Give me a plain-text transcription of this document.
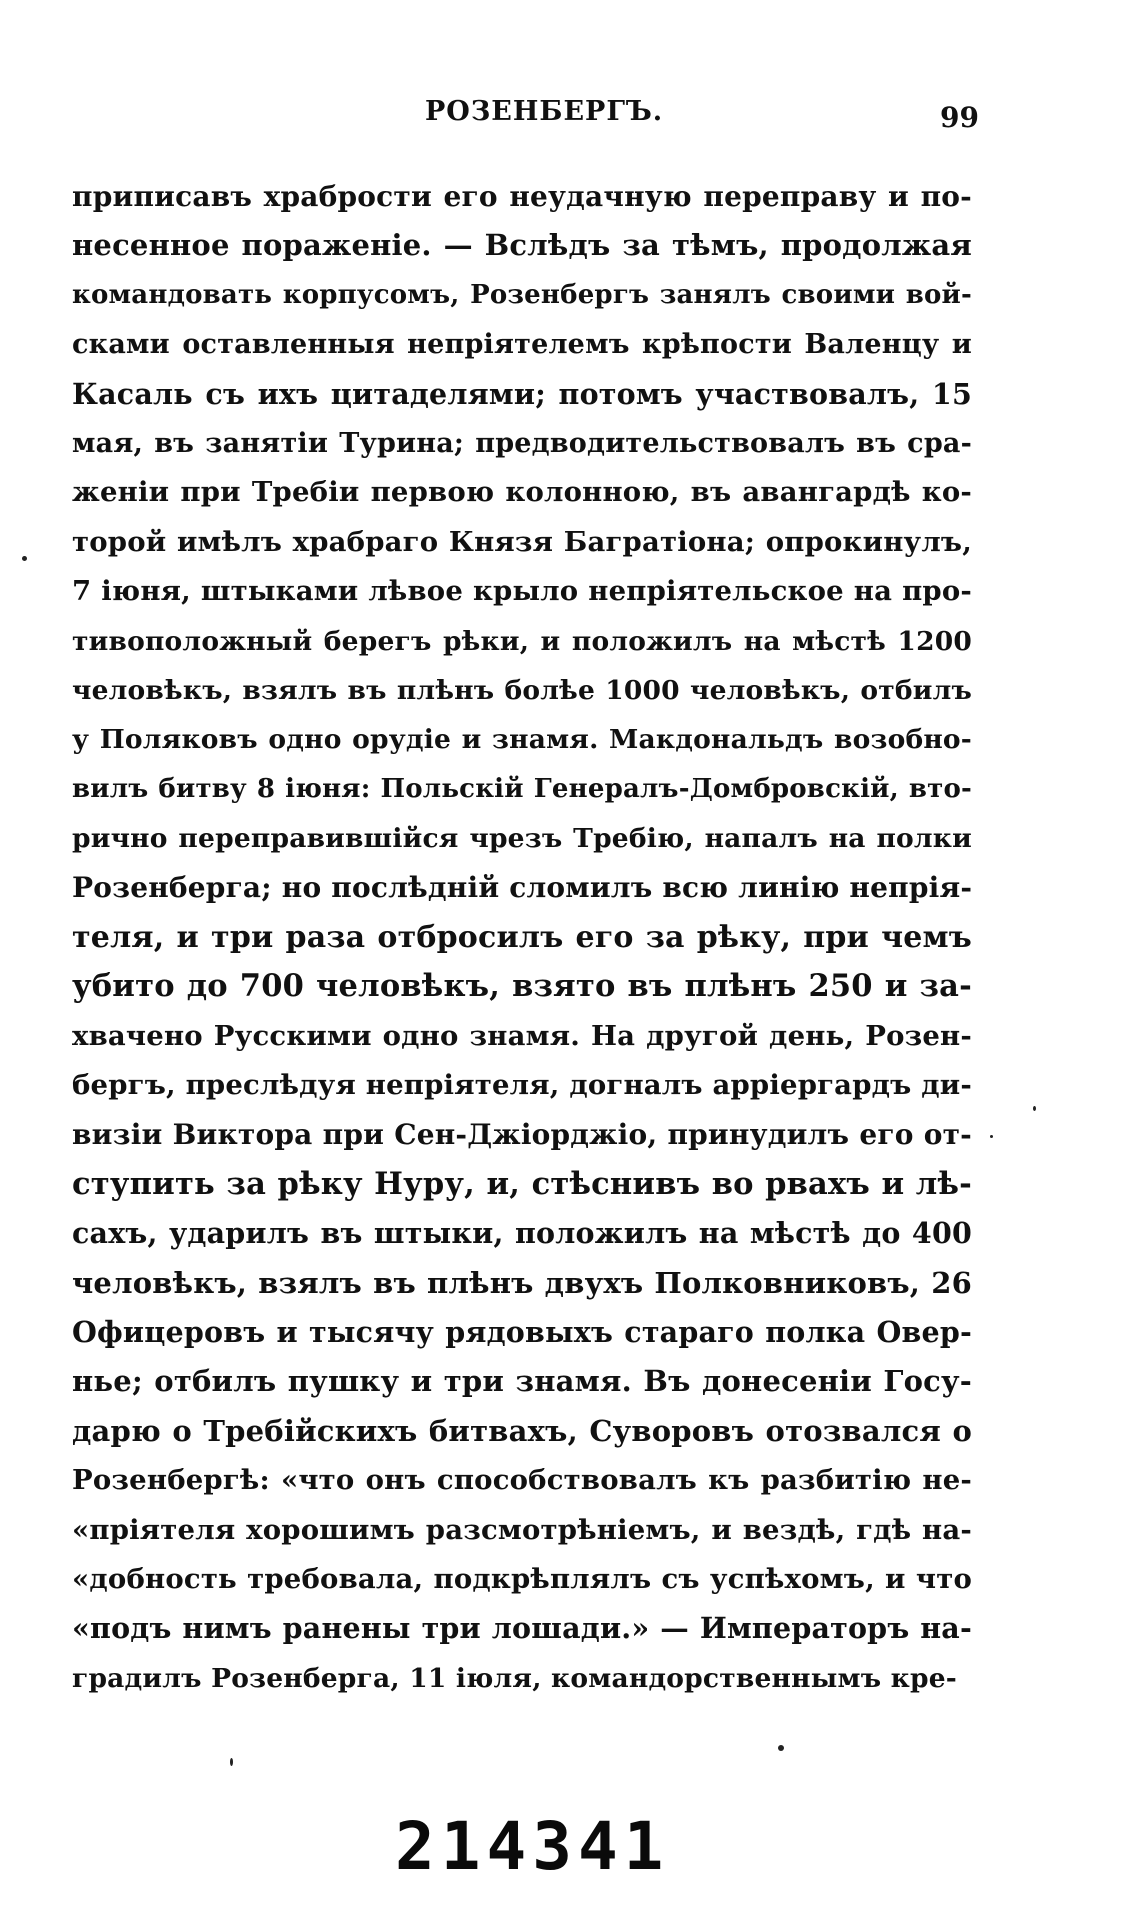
РОЗЕНБЕРГЪ.	99
приписавъ храбрости его неудачную переправу и по-
несенное пораженіе. — Вслѣдъ за тѣмъ, продолжая
командовать корпусомъ, Розенбергъ занялъ своими вой-
сками оставленныя непріятелемъ крѣпости Валенцу и
Касаль съ ихъ цитаделями; потомъ участвовалъ, 15
мая, въ занятіи Турина; предводительствовалъ въ сра-
женіи при Требіи первою колонною, въ авангардѣ ко-
торой имѣлъ храбраго Князя Багратіона; опрокинулъ,
7 іюня, штыками лѣвое крыло непріятельское на про-
тивоположный берегъ рѣки, и положилъ на мѣстѣ 1200
человѣкъ, взялъ въ плѣнъ болѣе 1000 человѣкъ, отбилъ
у Поляковъ одно орудіе и знамя. Макдональдъ возобно-
вилъ битву 8 іюня: Польскій Генералъ-Домбровскій, вто-
рично переправившійся чрезъ Требію, напалъ на полки
Розенберга; но послѣдній сломилъ всю линію непрія-
теля, и три раза отбросилъ его за рѣку, при чемъ
убито до 700 человѣкъ, взято въ плѣнъ 250 и за-
хвачено Русскими одно знамя. На другой день, Розен-
бергъ, преслѣдуя непріятеля, догналъ арріергардъ ди-
визіи Виктора при Сен-Джіорджіо, принудилъ его от-
ступить за рѣку Нуру, и, стѣснивъ во рвахъ и лѣ-
сахъ, ударилъ въ штыки, положилъ на мѣстѣ до 400
человѣкъ, взялъ въ плѣнъ двухъ Полковниковъ, 26
Офицеровъ и тысячу рядовыхъ стараго полка Овер-
нье; отбилъ пушку и три знамя. Въ донесеніи Госу-
дарю о Требійскихъ битвахъ, Суворовъ отозвался о
Розенбергѣ: «что онъ способствовалъ къ разбитію не-
«пріятеля хорошимъ разсмотрѣніемъ, и вездѣ, гдѣ на-
«добность требовала, подкрѣплялъ съ успѣхомъ, и что
«подъ нимъ ранены три лошади.» — Императоръ на-
градилъ Розенберга, 11 іюля, командорственнымъ кре-
214341
